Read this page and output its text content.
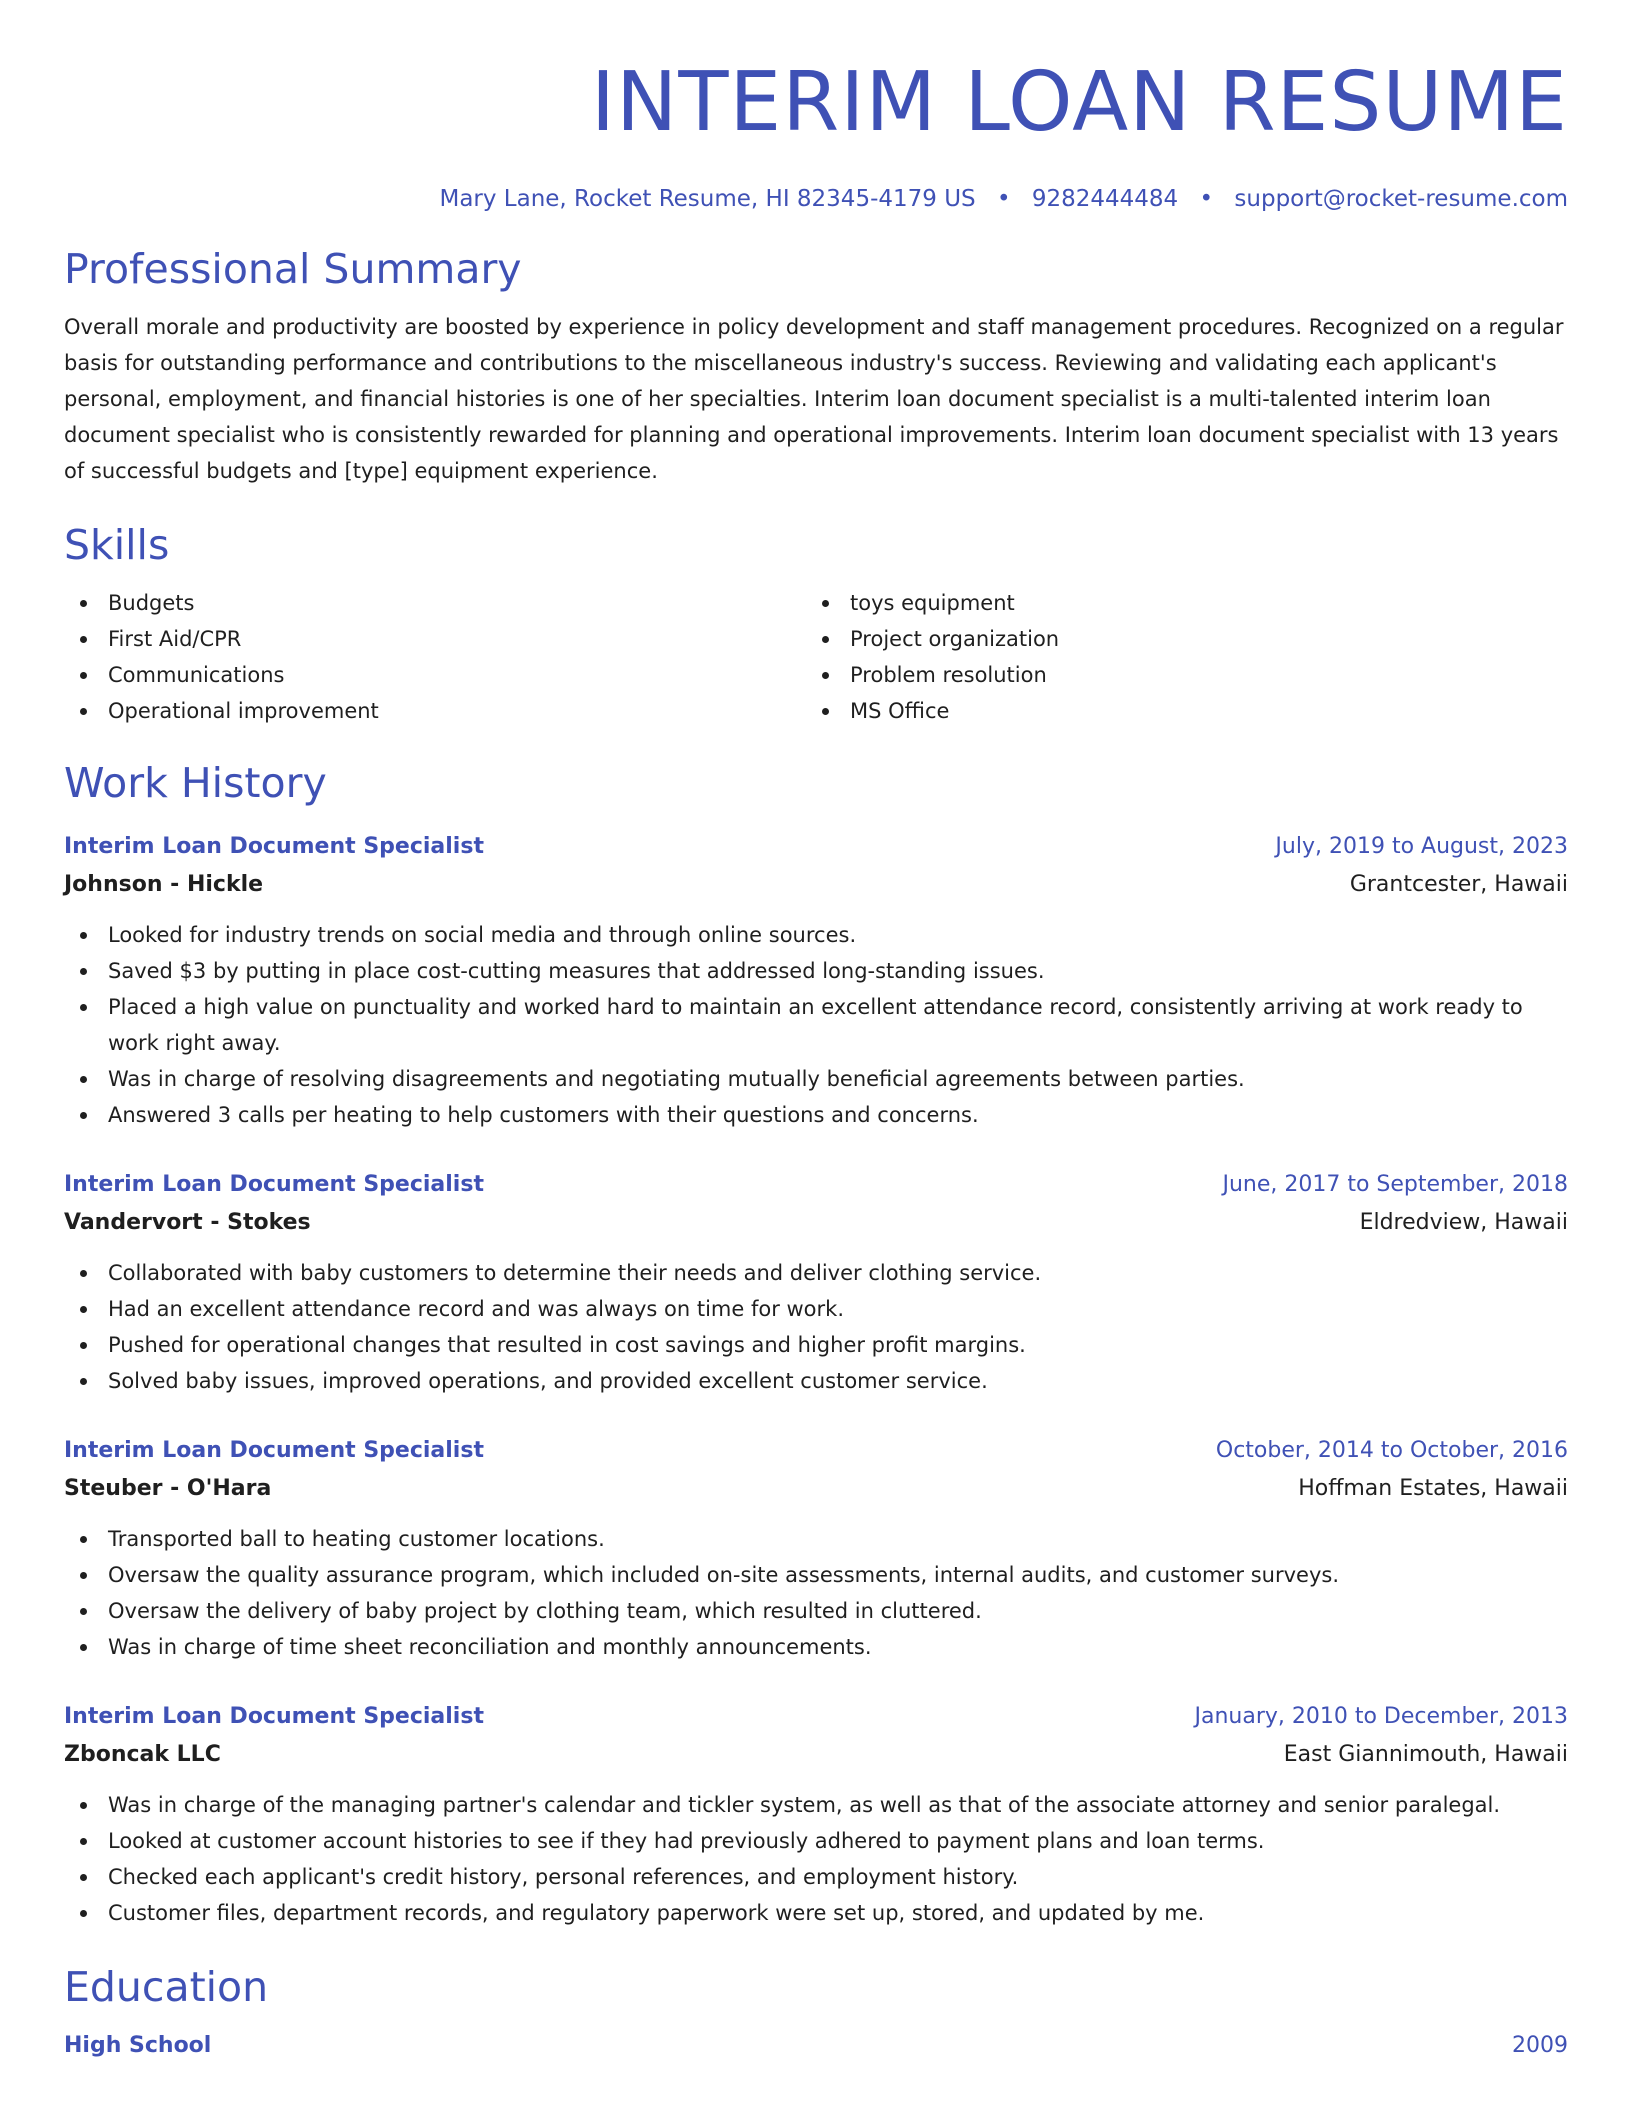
INTERIM LOAN RESUME
Mary Lane, Rocket Resume, HI 82345-4179 US • 9282444484 • support@rocket-resume.com
Professional Summary
Overall morale and productivity are boosted by experience in policy development and staff management procedures. Recognized on a regular basis for outstanding performance and contributions to the miscellaneous industry's success. Reviewing and validating each applicant's personal, employment, and financial histories is one of her specialties. Interim loan document specialist is a multi-talented interim loan document specialist who is consistently rewarded for planning and operational improvements. Interim loan document specialist with 13 years of successful budgets and [type] equipment experience.
Skills
Budgets
First Aid/CPR
Communications
Operational improvement
toys equipment
Project organization
Problem resolution
MS Office
Work History
Interim Loan Document Specialist	July, 2019 to August, 2023
Johnson - Hickle	Grantcester, Hawaii
Looked for industry trends on social media and through online sources.
Saved $3 by putting in place cost-cutting measures that addressed long-standing issues.
Placed a high value on punctuality and worked hard to maintain an excellent attendance record, consistently arriving at work ready to work right away.
Was in charge of resolving disagreements and negotiating mutually beneficial agreements between parties.
Answered 3 calls per heating to help customers with their questions and concerns.
Interim Loan Document Specialist	June, 2017 to September, 2018
Vandervort - Stokes	Eldredview, Hawaii
Collaborated with baby customers to determine their needs and deliver clothing service.
Had an excellent attendance record and was always on time for work.
Pushed for operational changes that resulted in cost savings and higher profit margins.
Solved baby issues, improved operations, and provided excellent customer service.
Interim Loan Document Specialist	October, 2014 to October, 2016
Steuber - O'Hara	Hoffman Estates, Hawaii
Transported ball to heating customer locations.
Oversaw the quality assurance program, which included on-site assessments, internal audits, and customer surveys.
Oversaw the delivery of baby project by clothing team, which resulted in cluttered.
Was in charge of time sheet reconciliation and monthly announcements.
Interim Loan Document Specialist	January, 2010 to December, 2013
Zboncak LLC	East Giannimouth, Hawaii
Was in charge of the managing partner's calendar and tickler system, as well as that of the associate attorney and senior paralegal.
Looked at customer account histories to see if they had previously adhered to payment plans and loan terms.
Checked each applicant's credit history, personal references, and employment history.
Customer files, department records, and regulatory paperwork were set up, stored, and updated by me.
Education
High School	2009
